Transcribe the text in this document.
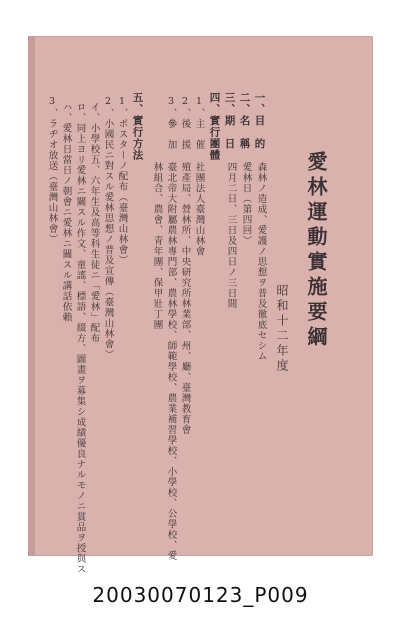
愛林運動實施要綱
昭和十二年度
一、目　的
森林ノ造成、愛護ノ思想ヲ普及徹底セシム
二、名　稱
愛林日（第四回）
三、期　日
四月二日、三日及四日ノ三日間
四、實行團體
1、主　催
社團法人臺灣山林會
2、後　援
殖產局、營林所、中央研究所林業部、州、廳、臺灣教育會
3、參　加
臺北帝大附屬農林專門部、農林學校、師範學校、農業補習學校、小學校、公學校、愛
林組合、農會、青年團、保甲壯丁團
五、實行方法
1、ポスターノ配布（臺灣山林會）
2、小國民ニ對スル愛林思想ノ普及宣傳（臺灣山林會）
イ、小學校五、六年生及高等科生徒ニ「愛林」配布
ロ、同上ヨリ愛林ニ關スル作文、童謠、標語、綴方、圖畫ヲ募集シ成績優良ナルモノニ賞品ヲ授與ス
ハ、愛林日當日ノ朝會ニ愛林ニ關スル講話依賴
3、ラヂオ放送（臺灣山林會）
20030070123_P009
